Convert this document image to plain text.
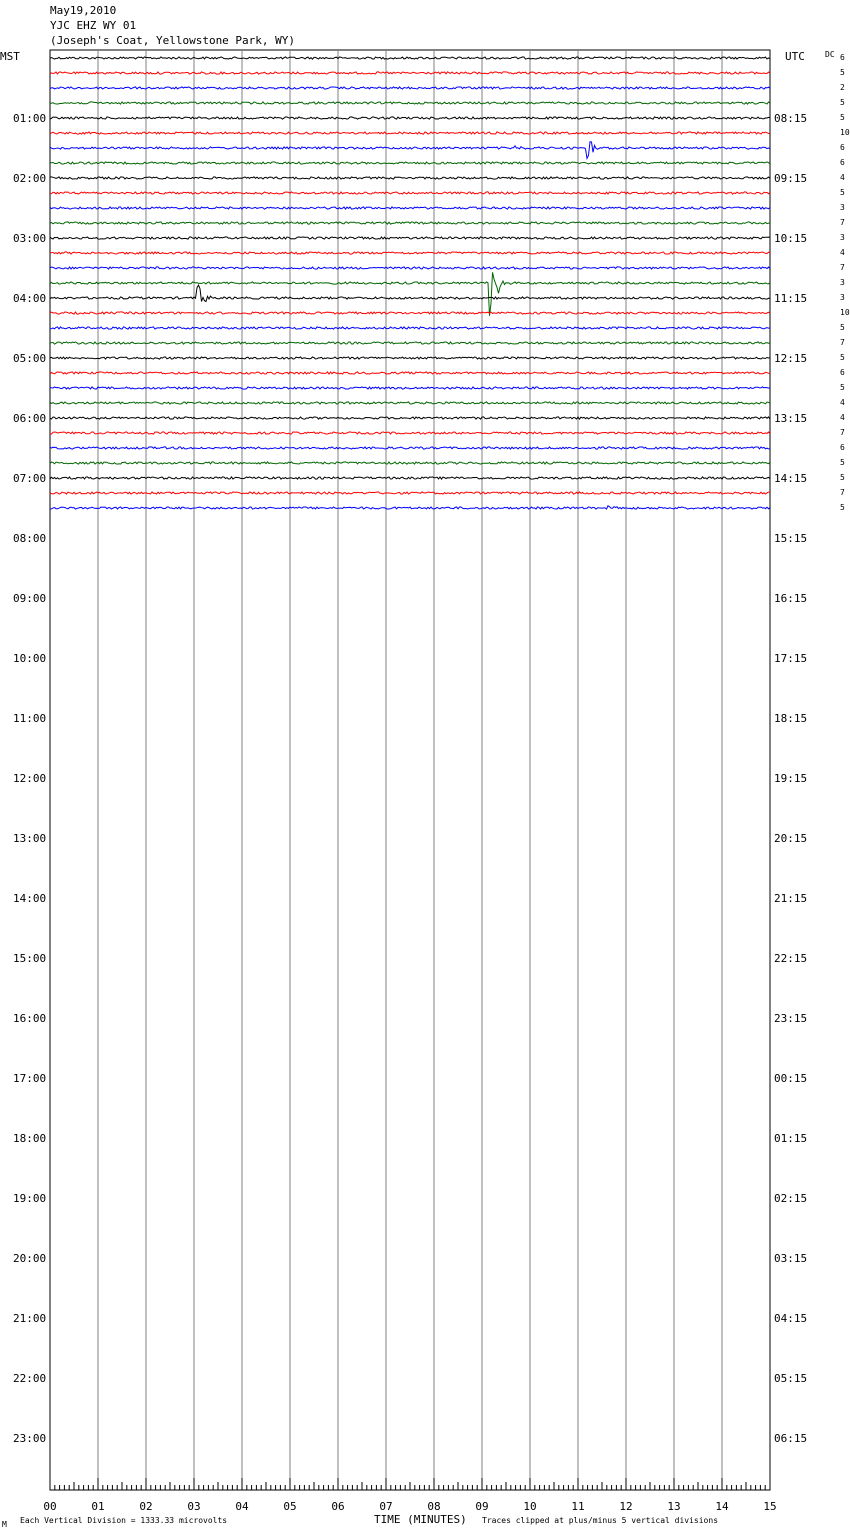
May19,2010
YJC EHZ WY 01
(Joseph's Coat, Yellowstone Park, WY)
MST	UTC	DC 6
5
2
5
5
10
6
6
4
5
3
7
3
4
7
3
3
10
5
7
5
6
5
4
4
7
6
5
5
7
5
01:00	08:15
02:00	09:15
03:00	10:15
04:00	11:15
05:00	12:15
06:00	13:15
07:00	14:15
08:00	15:15
09:00	16:15
10:00	17:15
11:00	18:15
12:00	19:15
13:00	20:15
14:00	21:15
15:00	22:15
16:00	23:15
17:00	00:15
18:00	01:15
19:00	02:15
20:00	03:15
21:00	04:15
22:00	05:15
23:00	06:15
00	01	02	03	04	05	06	07	08	09	10	11	12	13	14	15
TIME (MINUTES)
Each Vertical Division = 1333.33 microvolts	Traces clipped at plus/minus 5 vertical divisions
M
